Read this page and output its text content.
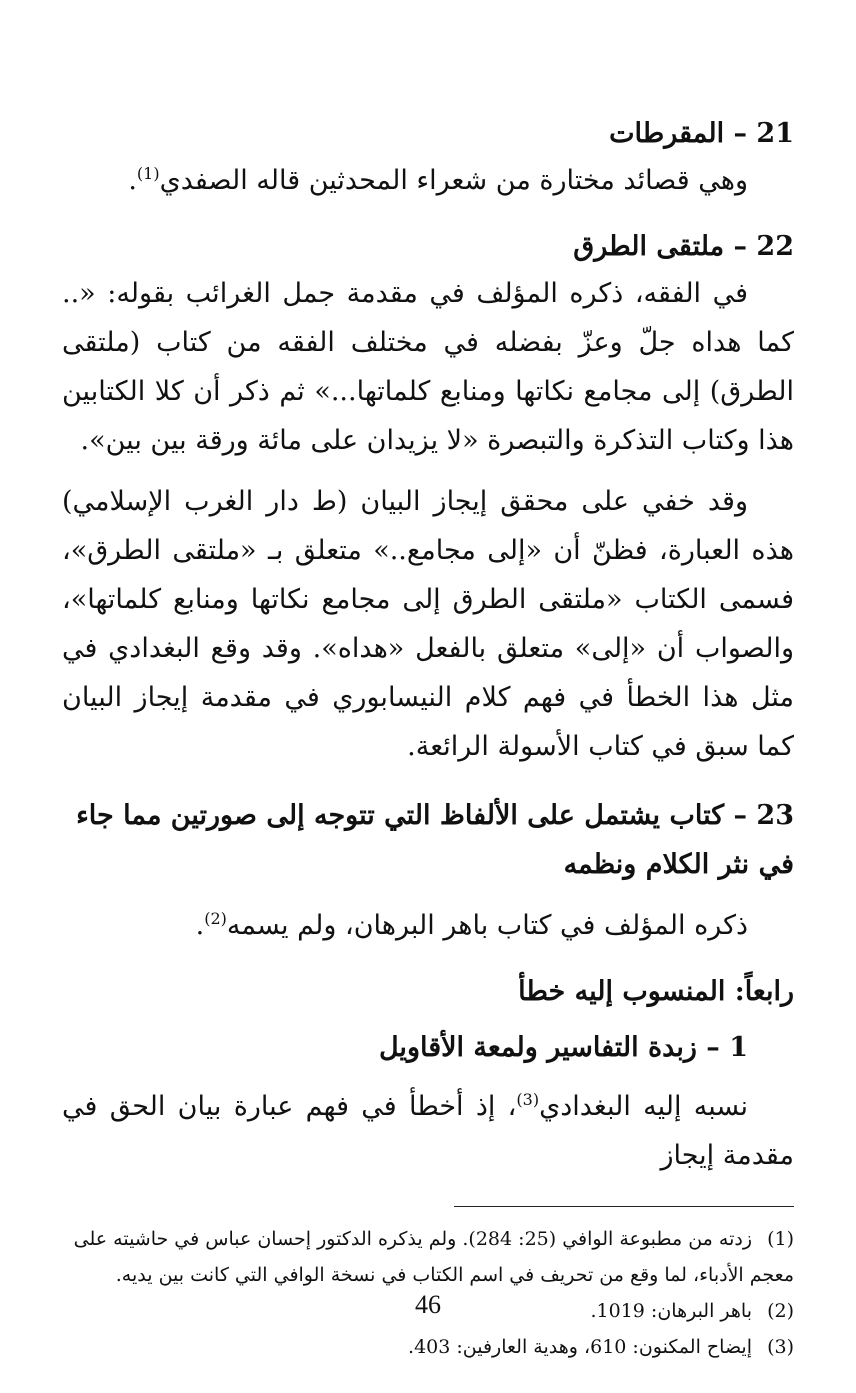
21 – المقرطات

وهي قصائد مختارة من شعراء المحدثين قاله الصفدي$^{(1)}$.

22 – ملتقى الطرق

في الفقه، ذكره المؤلف في مقدمة جمل الغرائب بقوله: «.. كما هداه جلّ وعزّ بفضله في مختلف الفقه من كتاب (ملتقى الطرق) إلى مجامع نكاتها ومنابع كلماتها...» ثم ذكر أن كلا الكتابين هذا وكتاب التذكرة والتبصرة «لا يزيدان على مائة ورقة بين بين».

وقد خفي على محقق إيجاز البيان (ط دار الغرب الإسلامي) هذه العبارة، فظنّ أن «إلى مجامع..» متعلق بـ «ملتقى الطرق»، فسمى الكتاب «ملتقى الطرق إلى مجامع نكاتها ومنابع كلماتها»، والصواب أن «إلى» متعلق بالفعل «هداه». وقد وقع البغدادي في مثل هذا الخطأ في فهم كلام النيسابوري في مقدمة إيجاز البيان كما سبق في كتاب الأسولة الرائعة.

23 – كتاب يشتمل على الألفاظ التي تتوجه إلى صورتين مما جاء في نثر الكلام ونظمه

ذكره المؤلف في كتاب باهر البرهان، ولم يسمه$^{(2)}$.

رابعاً: المنسوب إليه خطأ

1 – زبدة التفاسير ولمعة الأقاويل

نسبه إليه البغدادي$^{(3)}$، إذ أخطأ في فهم عبارة بيان الحق في مقدمة إيجاز

(1)زدته من مطبوعة الوافي (25: 284). ولم يذكره الدكتور إحسان عباس في حاشيته على معجم الأدباء، لما وقع من تحريف في اسم الكتاب في نسخة الوافي التي كانت بين يديه.

(2)باهر البرهان: 1019.

(3)إيضاح المكنون: 610، وهدية العارفين: 403.

46
